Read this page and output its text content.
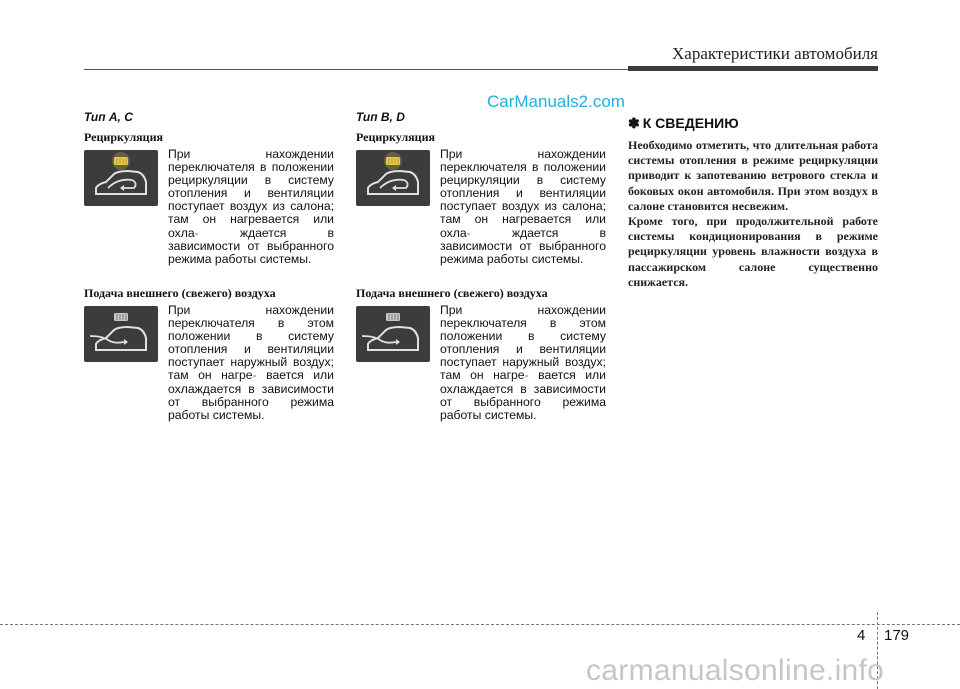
Характеристики автомобиля
CarManuals2.com
Тип A, C
Рециркуляция
При нахождении переключателя в положении рециркуляции в систему отопления и вентиляции поступает воздух из салона; там он нагревается или охла-	ждается в зависимости от выбранного режима работы системы.
Подача внешнего (свежего) воздуха
При нахождении переключателя в этом положении в систему отопления и вентиляции поступает наружный воздух; там он нагре- вается или охлаждается в зависимости от выбранного режима работы системы.
Тип B, D
Рециркуляция
При нахождении переключателя в положении рециркуляции в систему отопления и вентиляции поступает воздух из салона; там он нагревается или охла-	ждается в зависимости от выбранного режима работы системы.
Подача внешнего (свежего) воздуха
При нахождении переключателя в этом положении в систему отопления и вентиляции поступает наружный воздух; там он нагре- вается или охлаждается в зависимости от выбранного режима работы системы.
✽ К СВЕДЕНИЮ

Необходимо отметить, что длительная работа системы отопления в режиме рециркуляции приводит к запотеванию ветрового стекла и боковых окон автомобиля. При этом воздух в салоне становится несвежим.

Кроме того, при продолжительной работе системы кондиционирования в режиме рециркуляции уровень влажности воздуха в пассажирском салоне существенно снижается.

4 179
carmanualsonline.info
